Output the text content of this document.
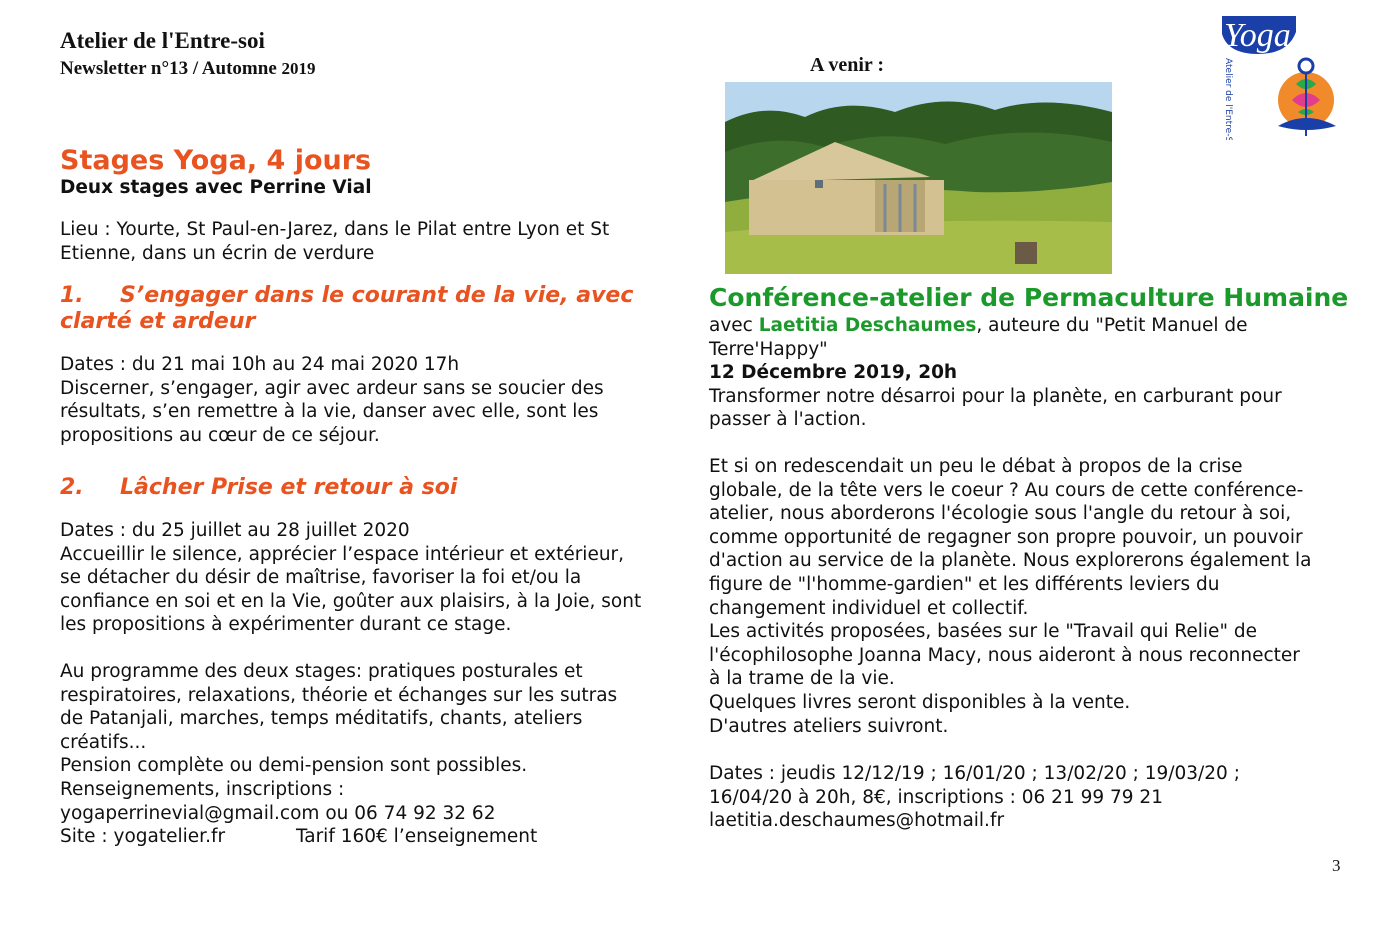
Atelier de l'Entre-soi
Newsletter n°13 / Automne 2019	A venir :
Yoga
Atelier de l'Entre-Soi
Stages Yoga, 4 jours
Deux stages avec Perrine Vial

Lieu : Yourte, St Paul-en-Jarez, dans le Pilat entre Lyon et St

Etienne, dans un écrin de verdure

1. S’engager dans le courant de la vie, avec
clarté et ardeur

Dates : du 21 mai 10h au 24 mai 2020 17h

Discerner, s’engager, agir avec ardeur sans se soucier des

résultats, s’en remettre à la vie, danser avec elle, sont les

propositions au cœur de ce séjour.

2. Lâcher Prise et retour à soi

Dates : du 25 juillet au 28 juillet 2020

Accueillir le silence, apprécier l’espace intérieur et extérieur,

se détacher du désir de maîtrise, favoriser la foi et/ou la

confiance en soi et en la Vie, goûter aux plaisirs, à la Joie, sont

les propositions à expérimenter durant ce stage.

Au programme des deux stages: pratiques posturales et

respiratoires, relaxations, théorie et échanges sur les sutras

de Patanjali, marches, temps méditatifs, chants, ateliers

créatifs...

Pension complète ou demi-pension sont possibles.

Renseignements, inscriptions :

yogaperrinevial@gmail.com ou 06 74 92 32 62

Site : yogatelier.fr	Tarif 160€ l’enseignement

Conférence-atelier de Permaculture Humaine

avec Laetitia Deschaumes, auteure du "Petit Manuel de

Terre'Happy"

12 Décembre 2019, 20h

Transformer notre désarroi pour la planète, en carburant pour

passer à l'action.

Et si on redescendait un peu le débat à propos de la crise

globale, de la tête vers le coeur ? Au cours de cette conférence-

atelier, nous aborderons l'écologie sous l'angle du retour à soi,

comme opportunité de regagner son propre pouvoir, un pouvoir

d'action au service de la planète. Nous explorerons également la

figure de "l'homme-gardien" et les différents leviers du

changement individuel et collectif.

Les activités proposées, basées sur le "Travail qui Relie" de

l'écophilosophe Joanna Macy, nous aideront à nous reconnecter

à la trame de la vie.

Quelques livres seront disponibles à la vente.

D'autres ateliers suivront.

Dates : jeudis 12/12/19 ; 16/01/20 ; 13/02/20 ; 19/03/20 ;

16/04/20 à 20h, 8€, inscriptions : 06 21 99 79 21

laetitia.deschaumes@hotmail.fr

3
